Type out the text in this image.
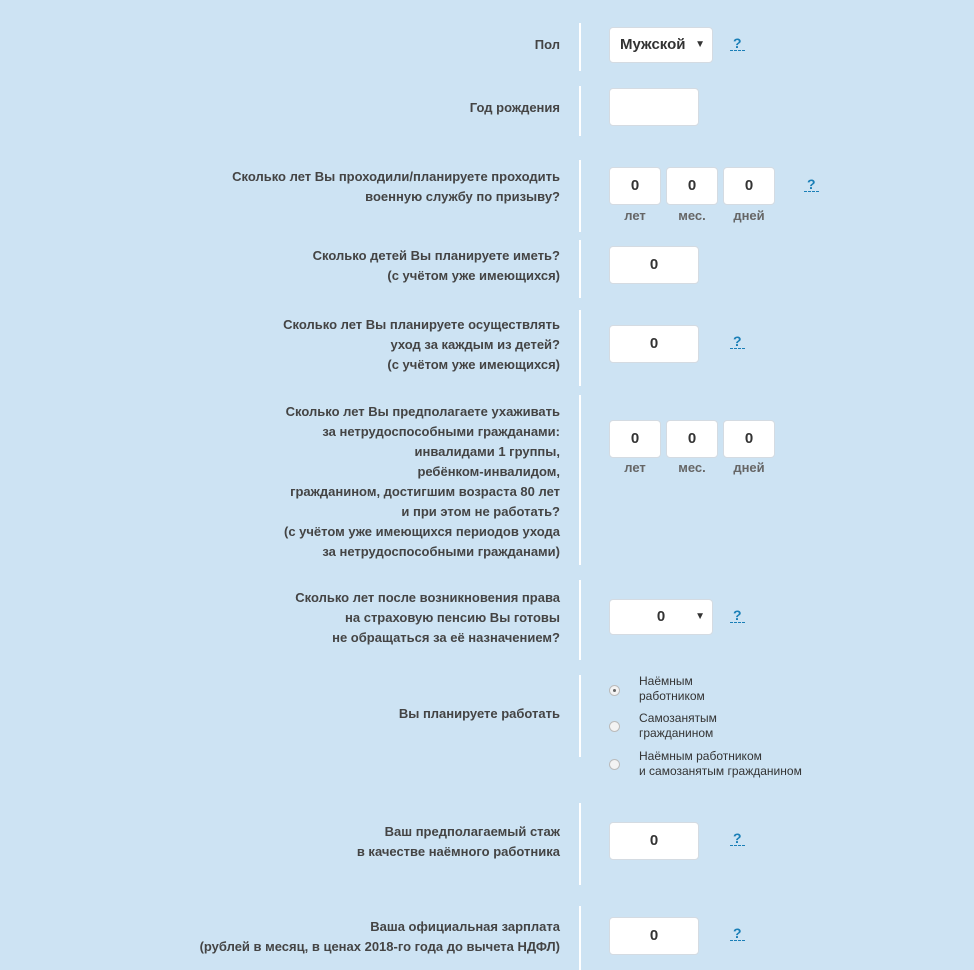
Пол	Мужской ▼ ?
Год рождения
Сколько лет Вы проходили/планируете проходить
военную службу по призыву?
0	0	0
лет	мес.	дней
?
Сколько детей Вы планируете иметь?
(с учётом уже имеющихся)
0
Сколько лет Вы планируете осуществлять
уход за каждым из детей?
(с учётом уже имеющихся)
0	?
Сколько лет Вы предполагаете ухаживать
за нетрудоспособными гражданами:
инвалидами 1 группы,
ребёнком-инвалидом,
гражданином, достигшим возраста 80 лет
и при этом не работать?
(с учётом уже имеющихся периодов ухода
за нетрудоспособными гражданами)
0	0	0
лет	мес.	дней
Сколько лет после возникновения права
на страховую пенсию Вы готовы
не обращаться за её назначением?
0	▼ ?
Вы планируете работать
Наёмным
работником
Самозанятым
гражданином
Наёмным работником
и самозанятым гражданином
Ваш предполагаемый стаж
в качестве наёмного работника
0	?
Ваша официальная зарплата
(рублей в месяц, в ценах 2018-го года до вычета НДФЛ)
0	?
